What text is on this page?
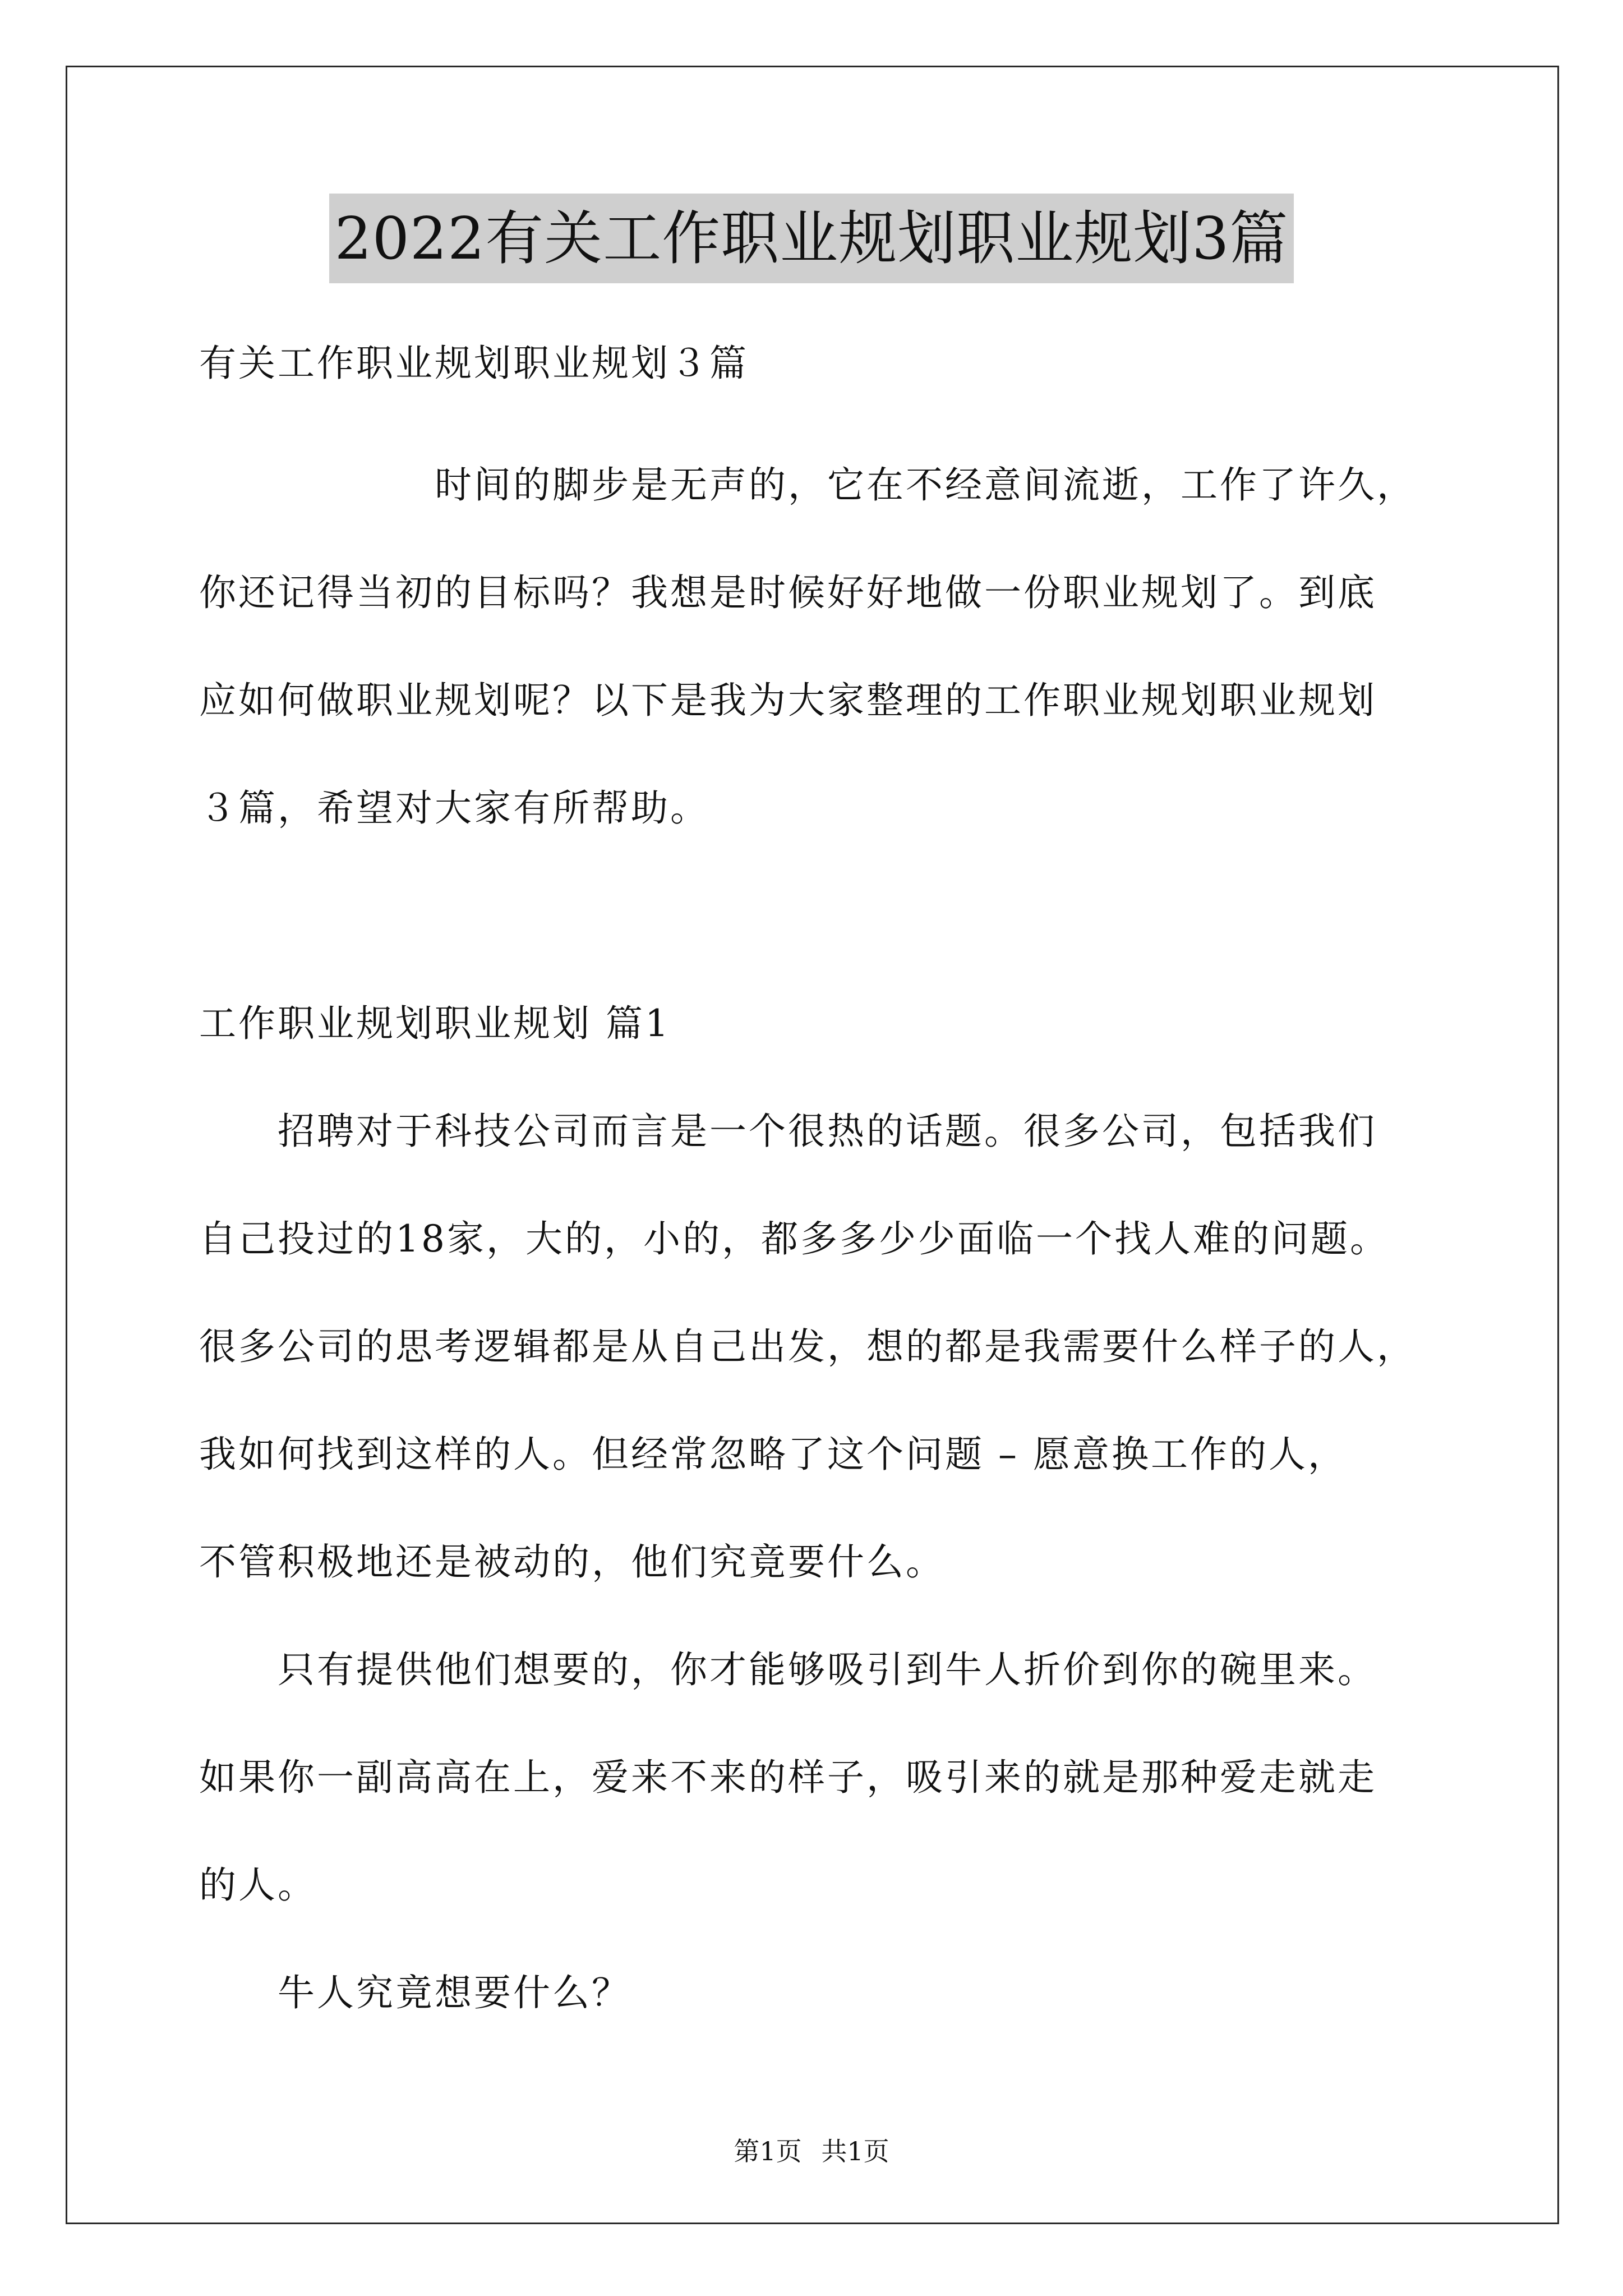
2022有关工作职业规划职业规划3篇
有关工作职业规划职业规划３篇
　　　　　　时间的脚步是无声的，它在不经意间流逝，工作了许久，
你还记得当初的目标吗？我想是时候好好地做一份职业规划了。到底
应如何做职业规划呢？以下是我为大家整理的工作职业规划职业规划
３篇，希望对大家有所帮助。
工作职业规划职业规划 篇1
　　招聘对于科技公司而言是一个很热的话题。很多公司，包括我们
自己投过的18家，大的，小的，都多多少少面临一个找人难的问题。
很多公司的思考逻辑都是从自己出发，想的都是我需要什么样子的人，
我如何找到这样的人。但经常忽略了这个问题 – 愿意换工作的人，
不管积极地还是被动的，他们究竟要什么。
　　只有提供他们想要的，你才能够吸引到牛人折价到你的碗里来。
如果你一副高高在上，爱来不来的样子，吸引来的就是那种爱走就走
的人。
　　牛人究竟想要什么？
第1页 共1页
